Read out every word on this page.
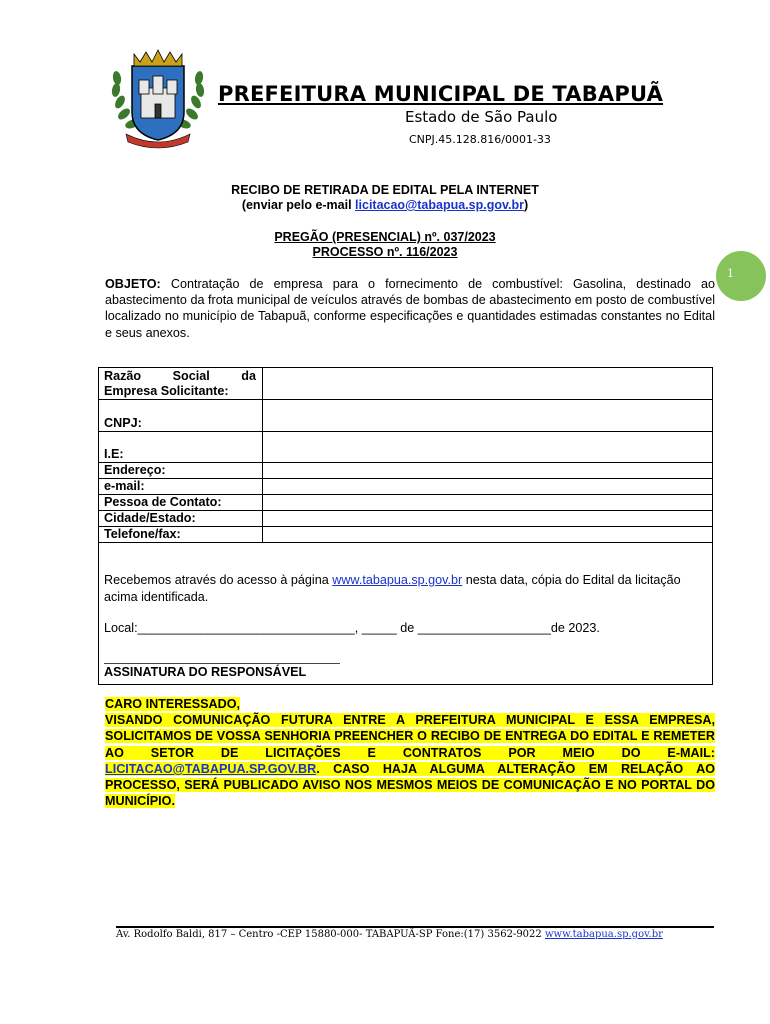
PREFEITURA MUNICIPAL DE TABAPUÃ
Estado de São Paulo
CNPJ.45.128.816/0001-33
RECIBO DE RETIRADA DE EDITAL PELA INTERNET
(enviar pelo e-mail licitacao@tabapua.sp.gov.br)
PREGÃO (PRESENCIAL) nº. 037/2023
PROCESSO nº. 116/2023
OBJETO: Contratação de empresa para o fornecimento de combustível: Gasolina, destinado ao abastecimento da frota municipal de veículos através de bombas de abastecimento em posto de combustível localizado no município de Tabapuã, conforme especificações e quantidades estimadas constantes no Edital e seus anexos.
1
Razão	Social	da
Empresa Solicitante:
CNPJ:
I.E:
Endereço:
e-mail:
Pessoa de Contato:
Cidade/Estado:
Telefone/fax:
Recebemos através do acesso à página www.tabapua.sp.gov.br nesta data, cópia do Edital da licitação acima identificada.
Local:_______________________________, _____ de ___________________de 2023.
ASSINATURA DO RESPONSÁVEL
CARO INTERESSADO,
VISANDO COMUNICAÇÃO FUTURA ENTRE A PREFEITURA MUNICIPAL E ESSA EMPRESA, SOLICITAMOS DE VOSSA SENHORIA PREENCHER O RECIBO DE ENTREGA DO EDITAL E REMETER AO SETOR DE LICITAÇÕES E CONTRATOS POR MEIO DO E-MAIL: LICITACAO@TABAPUA.SP.GOV.BR. CASO HAJA ALGUMA ALTERAÇÃO EM RELAÇÃO AO PROCESSO, SERÁ PUBLICADO AVISO NOS MESMOS MEIOS DE COMUNICAÇÃO E NO PORTAL DO MUNICÍPIO.
Av. Rodolfo Baldi, 817 – Centro -CEP 15880-000- TABAPUÃ-SP Fone:(17) 3562-9022 www.tabapua.sp.gov.br
